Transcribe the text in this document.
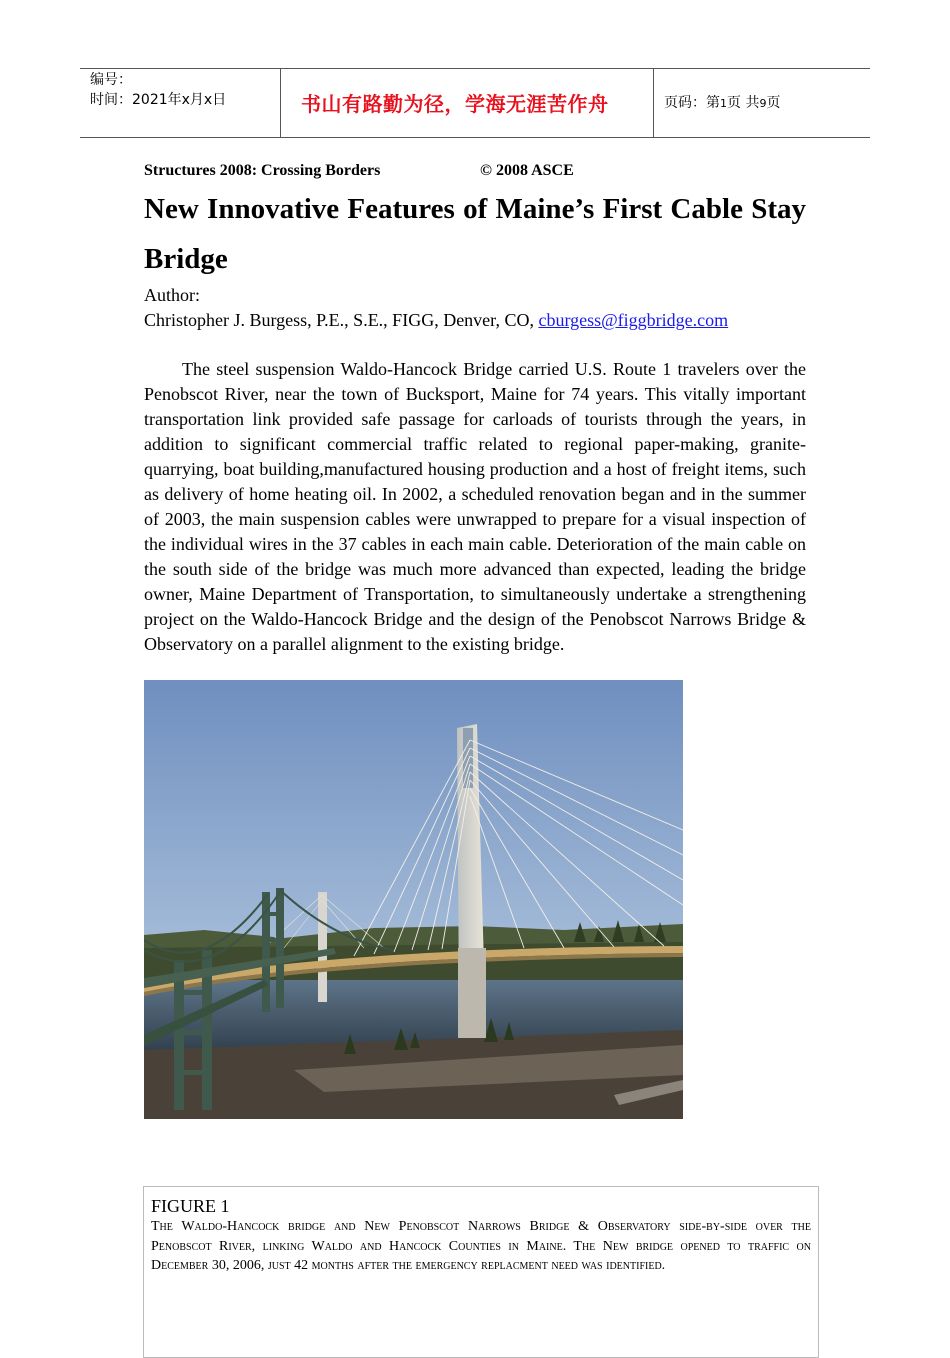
编号：
时间：2021年x月x日	书山有路勤为径，学海无涯苦作舟	页码：第1页 共9页
Structures 2008: Crossing Borders	© 2008 ASCE
New Innovative Features of Maine’s First Cable Stay Bridge
Author:
Christopher J. Burgess, P.E., S.E., FIGG, Denver, CO, cburgess@figgbridge.com

The steel suspension Waldo-Hancock Bridge carried U.S. Route 1 travelers over the Penobscot River, near the town of Bucksport, Maine for 74 years. This vitally important transportation link provided safe passage for carloads of tourists through the years, in addition to significant commercial traffic related to regional paper-making, granite-quarrying, boat building,manufactured housing production and a host of freight items, such as delivery of home heating oil. In 2002, a scheduled renovation began and in the summer of 2003, the main suspension cables were unwrapped to prepare for a visual inspection of the individual wires in the 37 cables in each main cable. Deterioration of the main cable on the south side of the bridge was much more advanced than expected, leading the bridge owner, Maine Department of Transportation, to simultaneously undertake a strengthening project on the Waldo-Hancock Bridge and the design of the Penobscot Narrows Bridge & Observatory on a parallel alignment to the existing bridge.

FIGURE 1

The Waldo-Hancock bridge and New Penobscot Narrows Bridge & Observatory side-by-side over the Penobscot River, linking Waldo and Hancock Counties in Maine. The New bridge opened to traffic on December 30, 2006, just 42 months after the emergency replacment need was identified.
